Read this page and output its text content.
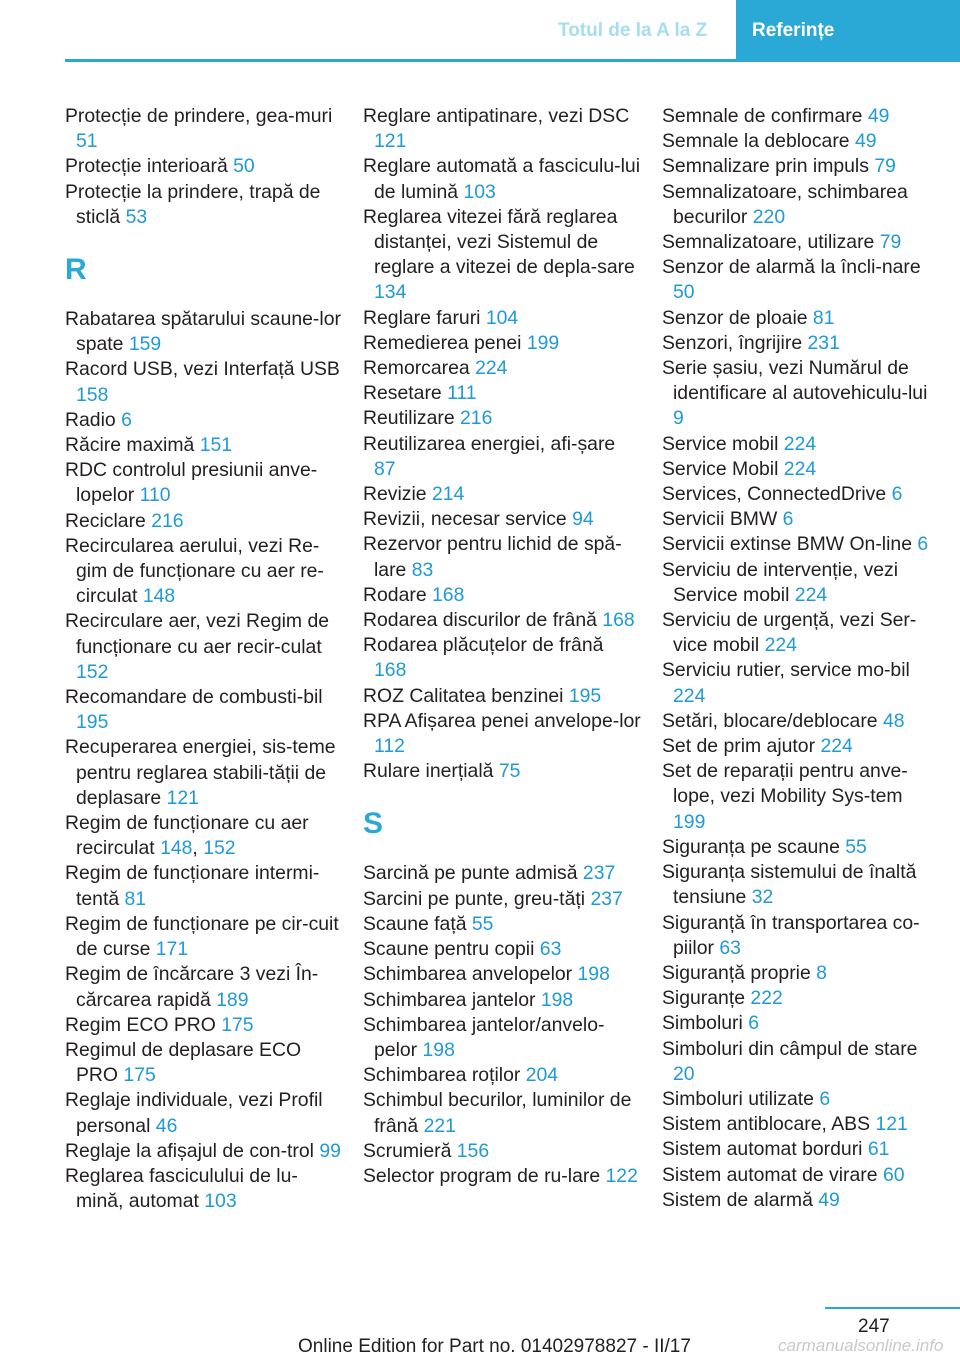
Totul de la A la Z	Referințe
Protecție de prindere, gea-muri 51
Protecție interioară 50
Protecție la prindere, trapă de sticlă 53
R
Rabatarea spătarului scaune-lor spate 159
Racord USB, vezi Interfață USB 158
Radio 6
Răcire maximă 151
RDC controlul presiunii anve-lopelor 110
Reciclare 216
Recircularea aerului, vezi Re-gim de funcționare cu aer re-circulat 148
Recirculare aer, vezi Regim de funcționare cu aer recir-culat 152
Recomandare de combusti-bil 195
Recuperarea energiei, sis-teme pentru reglarea stabili-tății de deplasare 121
Regim de funcționare cu aer recirculat 148, 152
Regim de funcționare intermi-tentă 81
Regim de funcționare pe cir-cuit de curse 171
Regim de încărcare 3 vezi În-cărcarea rapidă 189
Regim ECO PRO 175
Regimul de deplasare ECO PRO 175
Reglaje individuale, vezi Profil personal 46
Reglaje la afișajul de con-trol 99
Reglarea fasciculului de lu-mină, automat 103
Reglare antipatinare, vezi DSC 121
Reglare automată a fasciculu-lui de lumină 103
Reglarea vitezei fără reglarea distanței, vezi Sistemul de reglare a vitezei de depla-sare 134
Reglare faruri 104
Remedierea penei 199
Remorcarea 224
Resetare 111
Reutilizare 216
Reutilizarea energiei, afi-șare 87
Revizie 214
Revizii, necesar service 94
Rezervor pentru lichid de spă-lare 83
Rodare 168
Rodarea discurilor de frână 168
Rodarea plăcuțelor de frână 168
ROZ Calitatea benzinei 195
RPA Afișarea penei anvelope-lor 112
Rulare inerțială 75
S
Sarcină pe punte admisă 237
Sarcini pe punte, greu-tăți 237
Scaune față 55
Scaune pentru copii 63
Schimbarea anvelopelor 198
Schimbarea jantelor 198
Schimbarea jantelor/anvelo-pelor 198
Schimbarea roților 204
Schimbul becurilor, luminilor de frână 221
Scrumieră 156
Selector program de ru-lare 122
Semnale de confirmare 49
Semnale la deblocare 49
Semnalizare prin impuls 79
Semnalizatoare, schimbarea becurilor 220
Semnalizatoare, utilizare 79
Senzor de alarmă la încli-nare 50
Senzor de ploaie 81
Senzori, îngrijire 231
Serie șasiu, vezi Numărul de identificare al autovehiculu-lui 9
Service mobil 224
Service Mobil 224
Services, ConnectedDrive 6
Servicii BMW 6
Servicii extinse BMW On-line 6
Serviciu de intervenție, vezi Service mobil 224
Serviciu de urgență, vezi Ser-vice mobil 224
Serviciu rutier, service mo-bil 224
Setări, blocare/deblocare 48
Set de prim ajutor 224
Set de reparații pentru anve-lope, vezi Mobility Sys-tem 199
Siguranța pe scaune 55
Siguranța sistemului de înaltă tensiune 32
Siguranță în transportarea co-piilor 63
Siguranță proprie 8
Siguranțe 222
Simboluri 6
Simboluri din câmpul de stare 20
Simboluri utilizate 6
Sistem antiblocare, ABS 121
Sistem automat borduri 61
Sistem automat de virare 60
Sistem de alarmă 49
247
Online Edition for Part no. 01402978827 - II/17	carmanualsonline.info
